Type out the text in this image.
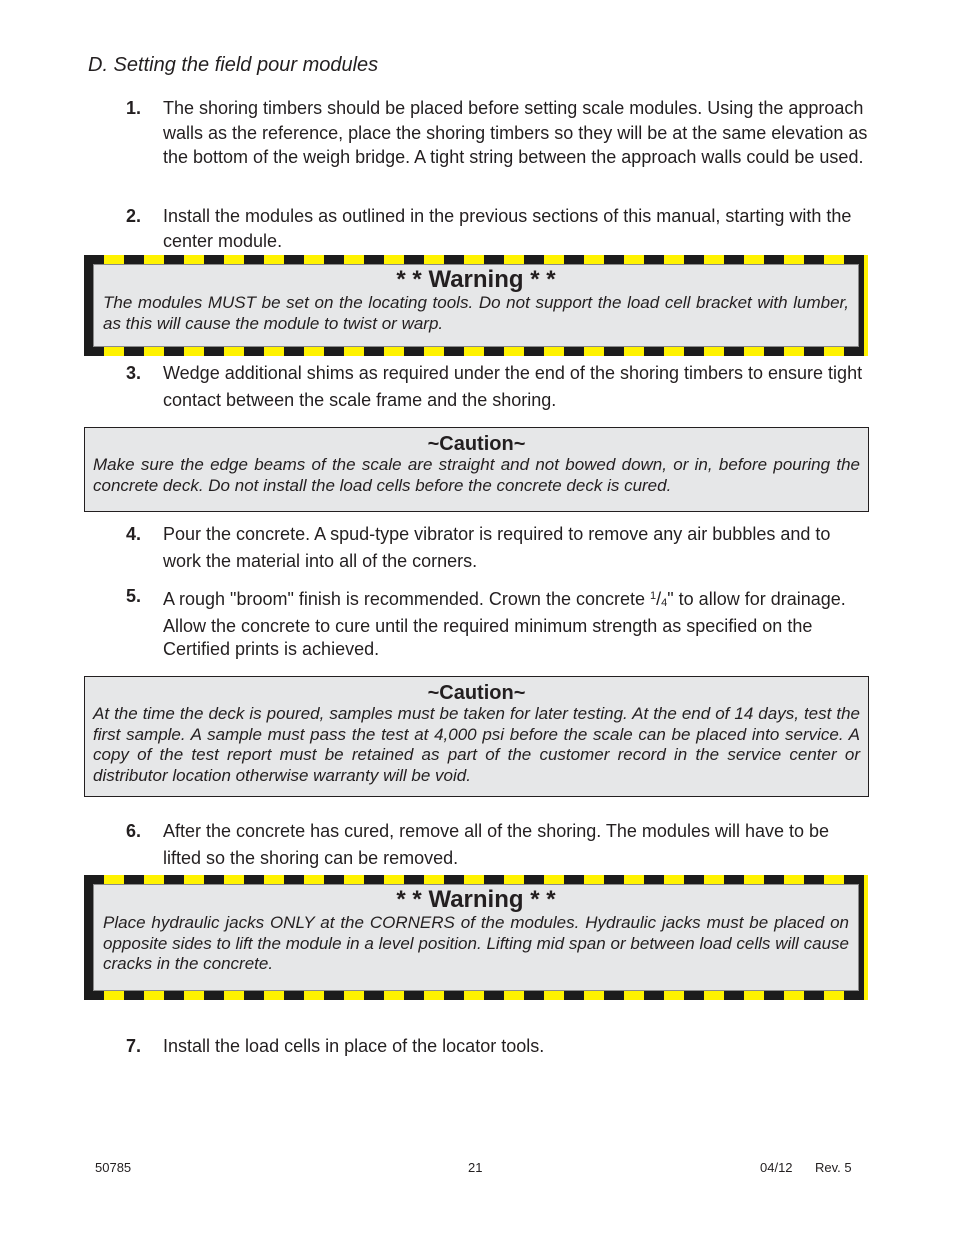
D. Setting the field pour modules
1. The shoring timbers should be placed before setting scale modules. Using the approach walls as the reference, place the shoring timbers so they will be at the same elevation as the bottom of the weigh bridge. A tight string between the approach walls could be used.
2. Install the modules as outlined in the previous sections of this manual, starting with the center module.
* * Warning * *
The modules MUST be set on the locating tools. Do not support the load cell bracket with lumber, as this will cause the module to twist or warp.
3. Wedge additional shims as required under the end of the shoring timbers to ensure tight contact between the scale frame and the shoring.
~Caution~
Make sure the edge beams of the scale are straight and not bowed down, or in, before pouring the concrete deck. Do not install the load cells before the concrete deck is cured.
4. Pour the concrete. A spud-type vibrator is required to remove any air bubbles and to work the material into all of the corners.
5. A rough "broom" finish is recommended. Crown the concrete $^1/_4$" to allow for drainage. Allow the concrete to cure until the required minimum strength as specified on the Certified prints is achieved.
~Caution~
At the time the deck is poured, samples must be taken for later testing. At the end of 14 days, test the first sample. A sample must pass the test at 4,000 psi before the scale can be placed into service. A copy of the test report must be retained as part of the customer record in the service center or distributor location otherwise warranty will be void.
6. After the concrete has cured, remove all of the shoring. The modules will have to be lifted so the shoring can be removed.
* * Warning * *
Place hydraulic jacks ONLY at the CORNERS of the modules. Hydraulic jacks must be placed on opposite sides to lift the module in a level position. Lifting mid span or between load cells will cause cracks in the concrete.
7. Install the load cells in place of the locator tools.
50785	21	04/12 Rev. 5
